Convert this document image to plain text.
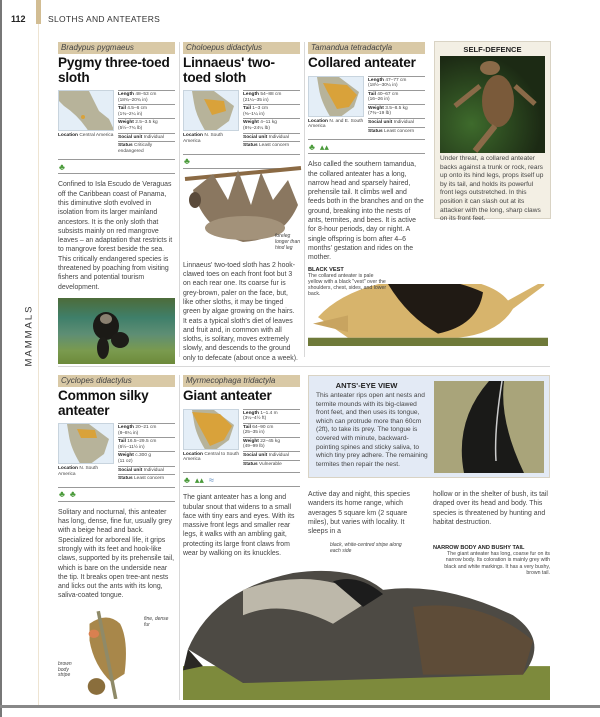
112	SLOTHS AND ANTEATERS
MAMMALS
Bradypus pygmaeus
Pygmy three-toed sloth
Location Central America
Length 48–53 cm
(18¾–20¾ in)
Tail 4.5–6 cm
(1¾–2¼ in)
Weight 2.5–3.5 kg
(5½–7¾ lb)
Social unit Individual
Status Critically endangered
♣
Confined to Isla Escudo de Veraguas off the Caribbean coast of Panama, this diminutive sloth evolved in isolation from its larger mainland ancestors. It is the only sloth that subsists mainly on red mangrove leaves – an adaptation that restricts it to mangrove forest beside the sea. This critically endangered species is threatened by poaching from visiting fishers and potential tourism development.
Choloepus didactylus
Linnaeus' two-toed sloth
Location N. South America
Length 54–88 cm
(21¼–35 in)
Tail 1–3 cm
(⅜–1¼ in)
Weight 4–11 kg
(8¾–24¼ lb)
Social unit Individual
Status Least concern
♣
Linnaeus' two-toed sloth has 2 hook-clawed toes on each front foot but 3 on each rear one. Its coarse fur is grey-brown, paler on the face, but, like other sloths, it may be tinged green by algae growing on the hairs. It eats a typical sloth's diet of leaves and fruit and, in common with all sloths, is solitary, moves extremely slowly, and descends to the ground only to defecate (about once a week).
Tamandua tetradactyla
Collared anteater
Location N. and E. South America
Length 47–77 cm
(18½–30¼ in)
Tail 40–67 cm
(16–26 in)
Weight 3.5–8.5 kg
(7¾–19 lb)
Social unit Individual
Status Least concern
♣ ▴▴
Also called the southern tamandua, the collared anteater has a long, narrow head and sparsely haired, prehensile tail. It climbs well and feeds both in the branches and on the ground, breaking into the nests of ants, termites, and bees. It is active for 8-hour periods, day or night. A single offspring is born after 4–6 months' gestation and rides on the mother.
BLACK VEST
The collared anteater is pale yellow with a black "vest" over the shoulders, chest, sides, and lower back.
Cyclopes didactylus
Common silky anteater
Location N. South America
Length 20–21 cm
(8–8¼ in)
Tail 16.5–29.5 cm
(6½–11½ in)
Weight c.300 g
(11 oz)
Social unit Individual
Status Least concern
♣ ♣
Solitary and nocturnal, this anteater has long, dense, fine fur, usually grey with a beige head and back. Specialized for arboreal life, it grips strongly with its feet and hook-like claws, supported by its prehensile tail, which is bare on the underside near the tip. It breaks open tree-ant nests and licks out the ants with its long, saliva-coated tongue.
fine, dense fur
brown body stripe
Myrmecophaga tridactyla
Giant anteater
Location Central to South America
Length 1–1.4 m
(3¼–4½ ft)
Tail 64–90 cm
(25–35 in)
Weight 22–45 kg
(49–99 lb)
Social unit Individual
Status Vulnerable
♣ ▴▴ ≈
The giant anteater has a long and tubular snout that widens to a small face with tiny ears and eyes. With its massive front legs and smaller rear legs, it walks with an ambling gait, protecting its large front claws from wear by walking on its knuckles.
foreleg longer than hind leg
SELF-DEFENCE
Under threat, a collared anteater backs against a trunk or rock, rears up onto its hind legs, props itself up by its tail, and holds its powerful front legs outstretched. In this position it can slash out at its attacker with the long, sharp claws on its front feet.
ANTS'-EYE VIEW
This anteater rips open ant nests and termite mounds with its big-clawed front feet, and then uses its tongue, which can protrude more than 60cm (2ft), to take its prey. The tongue is covered with minute, backward-pointing spines and sticky saliva, to which tiny prey adhere. The remaining termites then repair the nest.
Active day and night, this species wanders its home range, which averages 5 square km (2 square miles), but varies with locality. It sleeps in a
hollow or in the shelter of bush, its tail draped over its head and body. This species is threatened by hunting and habitat destruction.
black, white-centred stripe along each side	NARROW BODY AND BUSHY TAIL
The giant anteater has long, coarse fur on its narrow body. Its coloration is mainly grey with black and white markings. It has a very bushy, brown tail.
